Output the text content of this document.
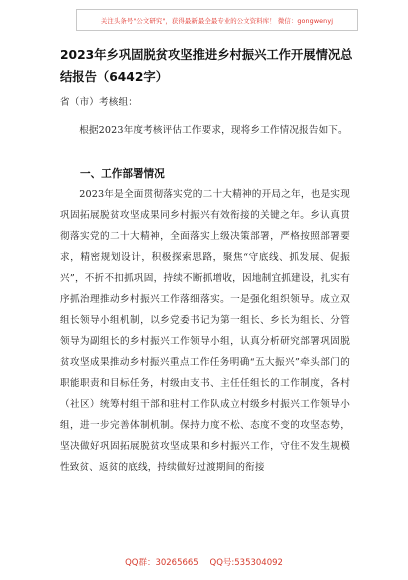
关注头条号"公文研究"，获得最新最全最专业的公文资料库！ 微信：gongwenyj
2023年乡巩固脱贫攻坚推进乡村振兴工作开展情况总结报告（6442字）
省（市）考核组：
根据2023年度考核评估工作要求，现将乡工作情况报告如下。
一、工作部署情况
2023年是全面贯彻落实党的二十大精神的开局之年，也是实现巩固拓展脱贫攻坚成果同乡村振兴有效衔接的关键之年。乡认真贯彻落实党的二十大精神，全面落实上级决策部署，严格按照部署要求，精密规划设计，积极探索思路，聚焦“守底线、抓发展、促振兴”，不折不扣抓巩固，持续不断抓增收，因地制宜抓建设，扎实有序抓治理推动乡村振兴工作落细落实。一是强化组织领导。成立双组长领导小组机制，以乡党委书记为第一组长、乡长为组长、分管领导为副组长的乡村振兴工作领导小组，认真分析研究部署巩固脱贫攻坚成果推动乡村振兴重点工作任务明确“五大振兴”牵头部门的职能职责和目标任务，村级由支书、主任任组长的工作制度，各村（社区）统筹村组干部和驻村工作队成立村级乡村振兴工作领导小组，进一步完善体制机制。保持力度不松、态度不变的攻坚态势，坚决做好巩固拓展脱贫攻坚成果和乡村振兴工作，守住不发生规模性致贫、返贫的底线，持续做好过渡期间的衔接
QQ群：30265665    QQ号:535304092
